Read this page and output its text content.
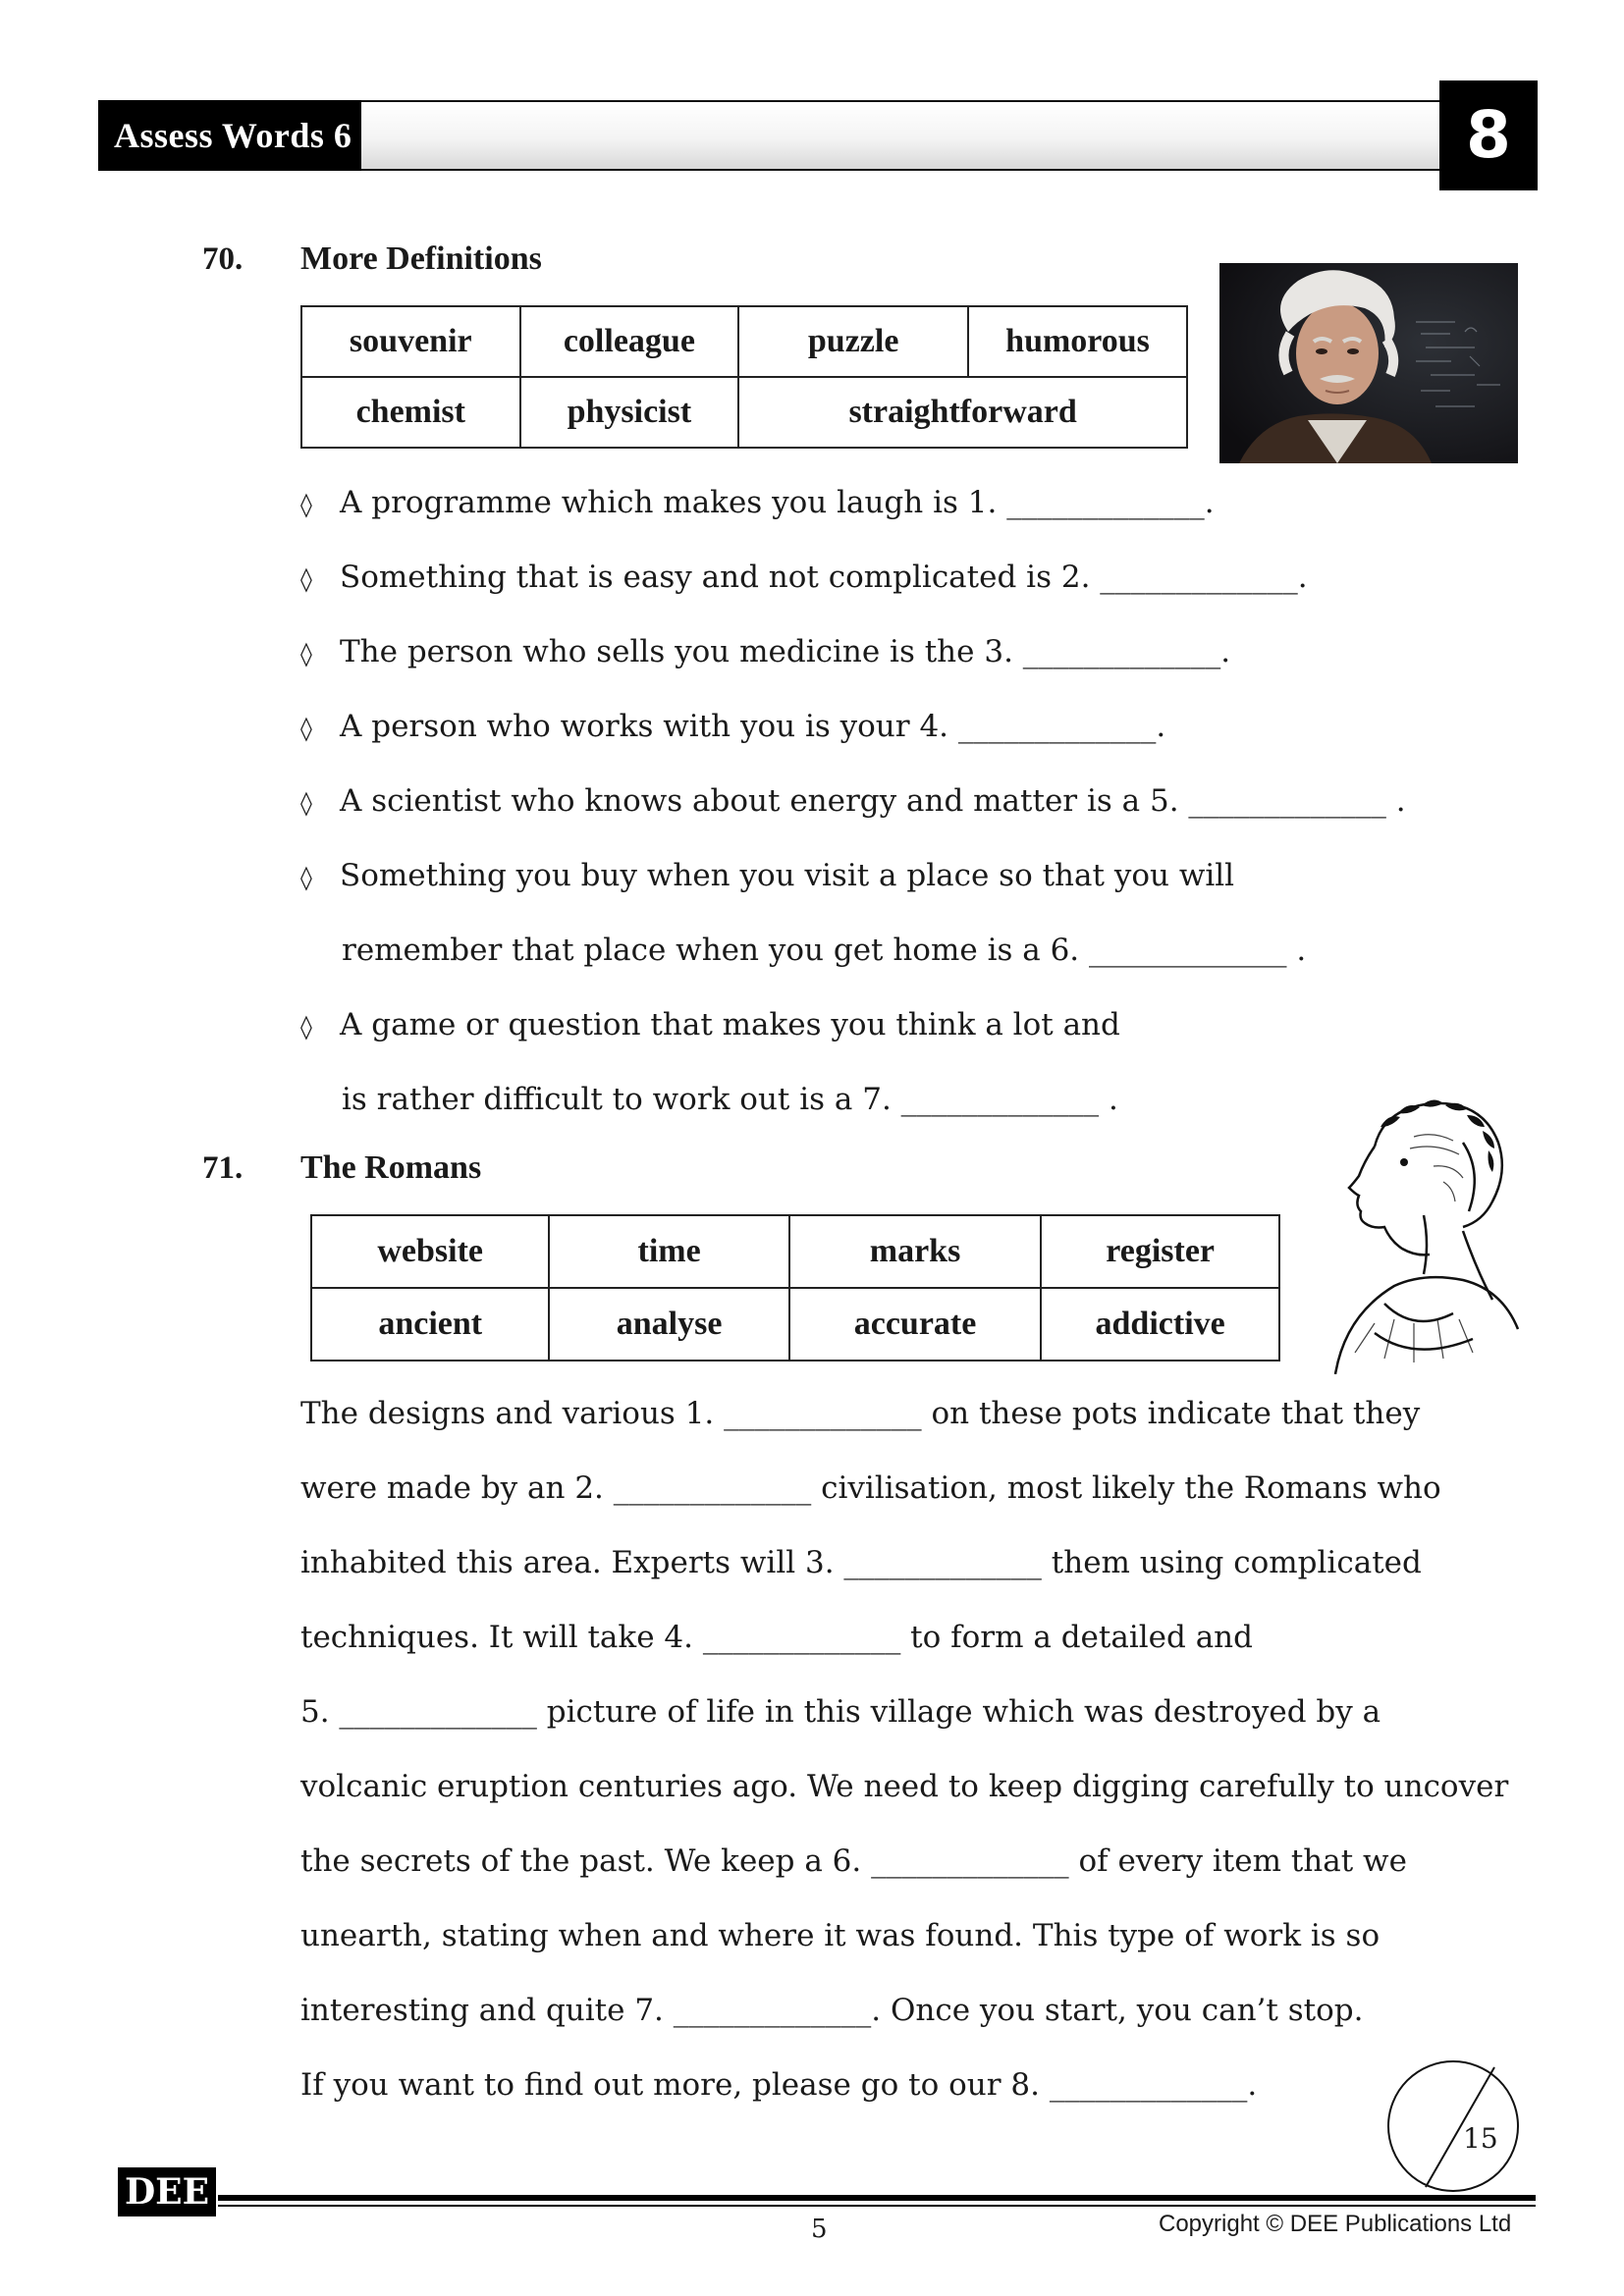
Assess Words 6	8
70. More Definitions
souvenir	colleague	puzzle	humorous
chemist	physicist	straightforward	
◊ A programme which makes you laugh is 1. _____________.
◊ Something that is easy and not complicated is 2. _____________.
◊ The person who sells you medicine is the 3. _____________.
◊ A person who works with you is your 4. _____________.
◊ A scientist who knows about energy and matter is a 5. _____________ .
◊ Something you buy when you visit a place so that you will
remember that place when you get home is a 6. _____________ .
◊ A game or question that makes you think a lot and
is rather difficult to work out is a 7. _____________ .
71. The Romans
website	time	marks	register
ancient	analyse	accurate	addictive
The designs and various 1. _____________ on these pots indicate that they
were made by an 2. _____________ civilisation, most likely the Romans who
inhabited this area. Experts will 3. _____________ them using complicated
techniques. It will take 4. _____________ to form a detailed and
5. _____________ picture of life in this village which was destroyed by a
volcanic eruption centuries ago. We need to keep digging carefully to uncover
the secrets of the past. We keep a 6. _____________ of every item that we
unearth, stating when and where it was found. This type of work is so
interesting and quite 7. _____________. Once you start, you can’t stop.
If you want to find out more, please go to our 8. _____________.
15
DEE
5	Copyright © DEE Publications Ltd
